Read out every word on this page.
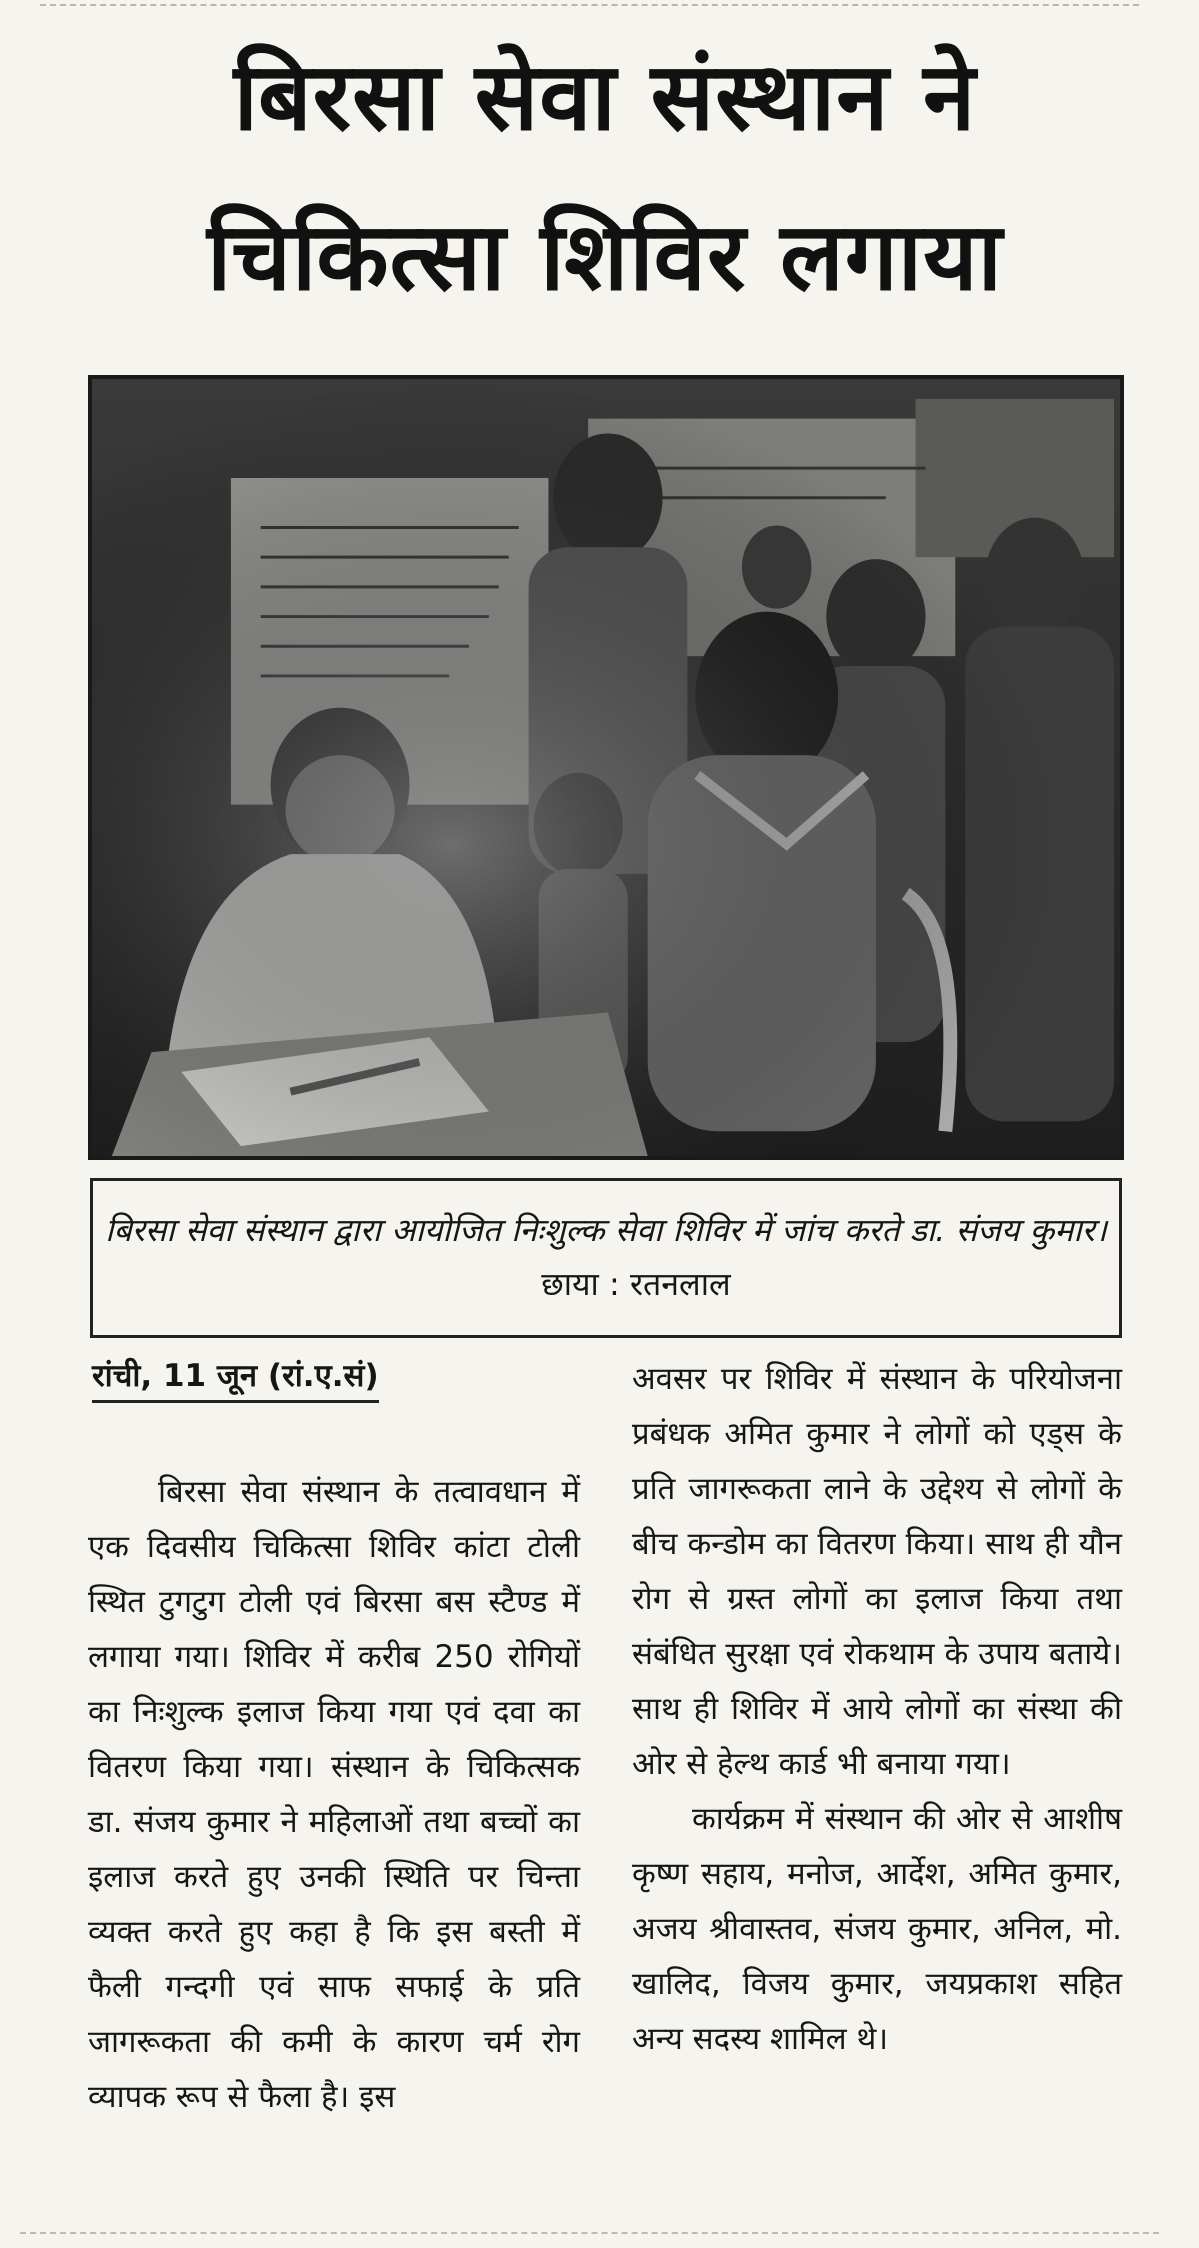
बिरसा सेवा संस्थान ने
चिकित्सा शिविर लगाया
बिरसा सेवा संस्थान द्वारा आयोजित निःशुल्क सेवा शिविर में जांच करते डा. संजय कुमार।छाया : रतनलाल
रांची, 11 जून (रां.ए.सं)

बिरसा सेवा संस्थान के तत्वावधान में एक दिवसीय चिकित्सा शिविर कांटा टोली स्थित टुगटुग टोली एवं बिरसा बस स्टैण्ड में लगाया गया। शिविर में करीब 250 रोगियों का निःशुल्क इलाज किया गया एवं दवा का वितरण किया गया। संस्थान के चिकित्सक डा. संजय कुमार ने महिलाओं तथा बच्चों का इलाज करते हुए उनकी स्थिति पर चिन्ता व्यक्त करते हुए कहा है कि इस बस्ती में फैली गन्दगी एवं साफ सफाई के प्रति जागरूकता की कमी के कारण चर्म रोग व्यापक रूप से फैला है। इस

अवसर पर शिविर में संस्थान के परियोजना प्रबंधक अमित कुमार ने लोगों को एड्स के प्रति जागरूकता लाने के उद्देश्य से लोगों के बीच कन्डोम का वितरण किया। साथ ही यौन रोग से ग्रस्त लोगों का इलाज किया तथा संबंधित सुरक्षा एवं रोकथाम के उपाय बताये। साथ ही शिविर में आये लोगों का संस्था की ओर से हेल्थ कार्ड भी बनाया गया।

कार्यक्रम में संस्थान की ओर से आशीष कृष्ण सहाय, मनोज, आर्देश, अमित कुमार, अजय श्रीवास्तव, संजय कुमार, अनिल, मो. खालिद, विजय कुमार, जयप्रकाश सहित अन्य सदस्य शामिल थे।
